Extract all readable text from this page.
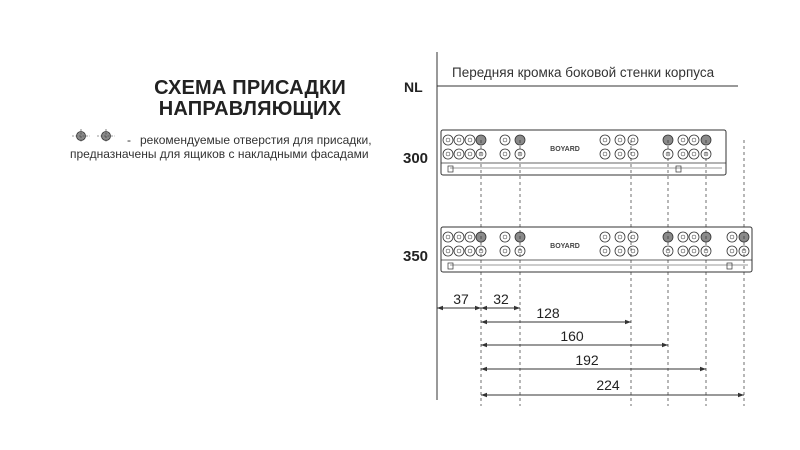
СХЕМА ПРИСАДКИ
НАПРАВЛЯЮЩИХ
- рекомендуемые отверстия для присадки,
предназначены для ящиков с накладными фасадами
NL
Передняя кромка боковой стенки корпуса
300
350
BOYARD
BOYARD
37	32
128
160
192
224
